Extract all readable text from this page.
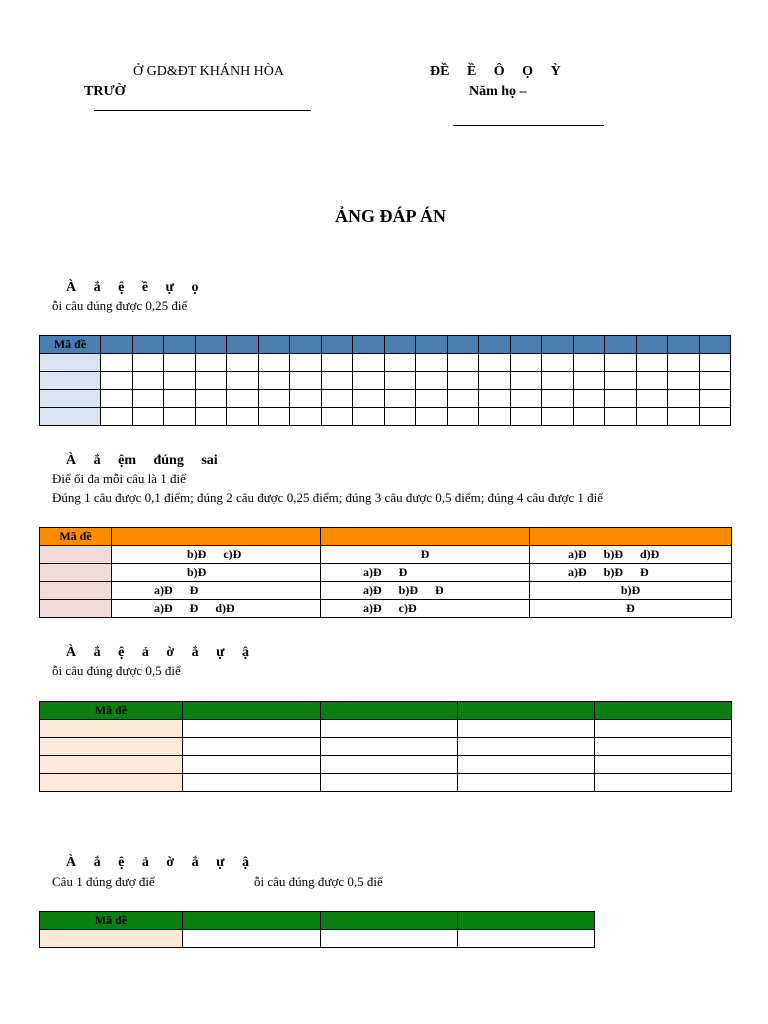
Ở GD&ĐT KHÁNH HÒA
TRƯỜ
ĐỀ Ề Ô Ọ Ỳ
Năm họ –
ẢNG ĐÁP ÁN
À ắ ệ ề ự ọ
ỗi câu đúng được 0,25 điể
Mã đề																				

À ắ ệm đúng sai
Điể ối đa mỗi câu là 1 điể
Đúng 1 câu được 0,1 điểm; đúng 2 câu được 0,25 điểm; đúng 3 câu được 0,5 điểm; đúng 4 câu được 1 điể
Mã đề			
	b)Đ c)Đ	Đ	a)Đ b)Đ d)Đ
	b)Đ	a)Đ Đ	a)Đ b)Đ Đ
	a)Đ Đ	a)Đ b)Đ Đ	b)Đ
	a)Đ Đ d)Đ	a)Đ c)Đ	Đ
À ắ ệ ả ờ ắ ự ậ
ỗi câu đúng được 0,5 điể
Mã đề				

À ắ ệ ả ờ ắ ự ậ
Câu 1 đúng đượ điể	ỗi câu đúng được 0,5 điể
Mã đề			
